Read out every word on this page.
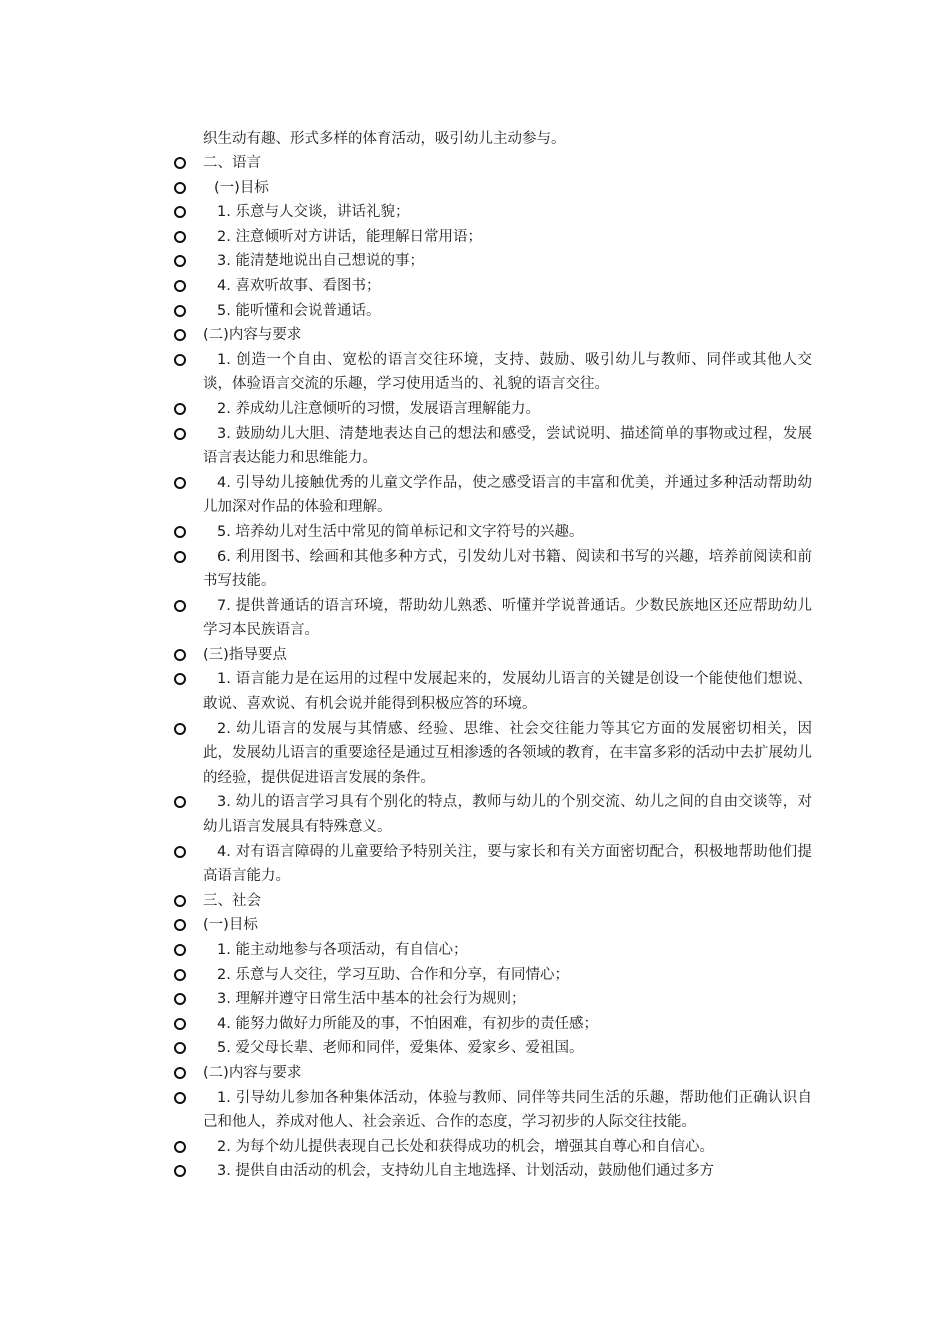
织生动有趣、形式多样的体育活动，吸引幼儿主动参与。
二、语言
(一)目标
1. 乐意与人交谈，讲话礼貌；
2. 注意倾听对方讲话，能理解日常用语；
3. 能清楚地说出自己想说的事；
4. 喜欢听故事、看图书；
5. 能听懂和会说普通话。
(二)内容与要求
1. 创造一个自由、宽松的语言交往环境，支持、鼓励、吸引幼儿与教师、同伴或其他人交谈，体验语言交流的乐趣，学习使用适当的、礼貌的语言交往。
2. 养成幼儿注意倾听的习惯，发展语言理解能力。
3. 鼓励幼儿大胆、清楚地表达自己的想法和感受，尝试说明、描述简单的事物或过程，发展语言表达能力和思维能力。
4. 引导幼儿接触优秀的儿童文学作品，使之感受语言的丰富和优美，并通过多种活动帮助幼儿加深对作品的体验和理解。
5. 培养幼儿对生活中常见的简单标记和文字符号的兴趣。
6. 利用图书、绘画和其他多种方式，引发幼儿对书籍、阅读和书写的兴趣，培养前阅读和前书写技能。
7. 提供普通话的语言环境，帮助幼儿熟悉、听懂并学说普通话。少数民族地区还应帮助幼儿学习本民族语言。
(三)指导要点
1. 语言能力是在运用的过程中发展起来的，发展幼儿语言的关键是创设一个能使他们想说、敢说、喜欢说、有机会说并能得到积极应答的环境。
2. 幼儿语言的发展与其情感、经验、思维、社会交往能力等其它方面的发展密切相关，因此，发展幼儿语言的重要途径是通过互相渗透的各领域的教育，在丰富多彩的活动中去扩展幼儿的经验，提供促进语言发展的条件。
3. 幼儿的语言学习具有个别化的特点，教师与幼儿的个别交流、幼儿之间的自由交谈等，对幼儿语言发展具有特殊意义。
4. 对有语言障碍的儿童要给予特别关注，要与家长和有关方面密切配合，积极地帮助他们提高语言能力。
三、社会
(一)目标
1. 能主动地参与各项活动，有自信心；
2. 乐意与人交往，学习互助、合作和分享，有同情心；
3. 理解并遵守日常生活中基本的社会行为规则；
4. 能努力做好力所能及的事，不怕困难，有初步的责任感；
5. 爱父母长辈、老师和同伴，爱集体、爱家乡、爱祖国。
(二)内容与要求
1. 引导幼儿参加各种集体活动，体验与教师、同伴等共同生活的乐趣，帮助他们正确认识自己和他人，养成对他人、社会亲近、合作的态度，学习初步的人际交往技能。
2. 为每个幼儿提供表现自己长处和获得成功的机会，增强其自尊心和自信心。
3. 提供自由活动的机会，支持幼儿自主地选择、计划活动，鼓励他们通过多方
